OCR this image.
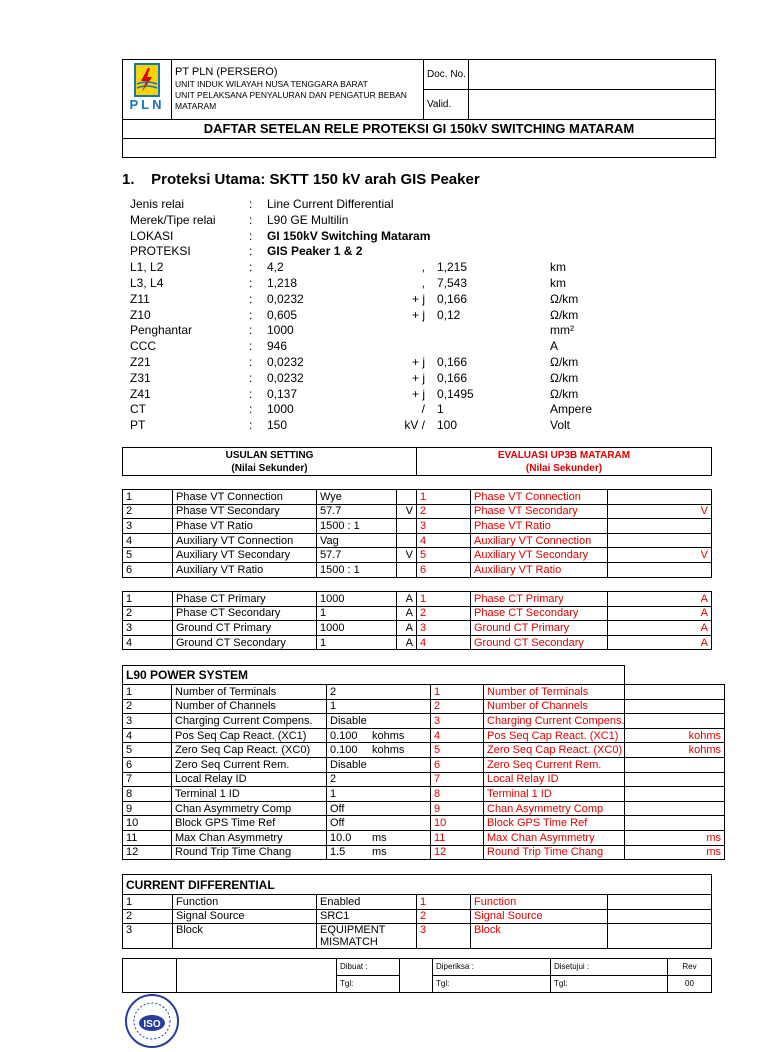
PLN	PT PLN (PERSERO)
UNIT INDUK WILAYAH NUSA TENGGARA BARAT
UNIT PELAKSANA PENYALURAN DAN PENGATUR BEBAN
MATARAM	Doc. No.	
		Valid.	
DAFTAR SETELAN RELE PROTEKSI GI 150kV SWITCHING MATARAM			

1.    Proteksi Utama: SKTT 150 kV arah GIS Peaker
Jenis relai	: Line Current Differential
Merek/Tipe relai	: L90 GE Multilin
LOKASI	: GI 150kV Switching Mataram
PROTEKSI	: GIS Peaker 1 & 2
L1, L2	: 4,2	, 1,215	km
L3, L4	: 1,218	, 7,543	km
Z11	: 0,0232	+ j 0,166	Ω/km
Z10	: 0,605	+ j 0,12	Ω/km
Penghantar	: 1000	mm²
CCC	: 946	A
Z21	: 0,0232	+ j 0,166	Ω/km
Z31	: 0,0232	+ j 0,166	Ω/km
Z41	: 0,137	+ j 0,1495	Ω/km
CT	: 1000	/ 1	Ampere
PT	: 150	kV / 100	Volt
USULAN SETTING
(Nilai Sekunder)

EVALUASI UP3B MATARAM
(Nilai Sekunder)
1	Phase VT Connection	Wye		1	Phase VT Connection	
2	Phase VT Secondary	57.7	V	2	Phase VT Secondary	V
3	Phase VT Ratio	1500 : 1		3	Phase VT Ratio	
4	Auxiliary VT Connection	Vag		4	Auxiliary VT Connection	
5	Auxiliary VT Secondary	57.7	V	5	Auxiliary VT Secondary	V
6	Auxiliary VT Ratio	1500 : 1		6	Auxiliary VT Ratio	
1	Phase CT Primary	1000	A	1	Phase CT Primary	A
2	Phase CT Secondary	1	A	2	Phase CT Secondary	A
3	Ground CT Primary	1000	A	3	Ground CT Primary	A
4	Ground CT Secondary	1	A	4	Ground CT Secondary	A
L90 POWER SYSTEM					
1	Number of Terminals	2	1	Number of Terminals	
2	Number of Channels	1	2	Number of Channels	
3	Charging Current Compens.	Disable	3	Charging Current Compens.	
4	Pos Seq Cap React. (XC1)	0.100 kohms	4	Pos Seq Cap React. (XC1)	kohms
5	Zero Seq Cap React. (XC0)	0.100 kohms	5	Zero Seq Cap React. (XC0)	kohms
6	Zero Seq Current Rem.	Disable	6	Zero Seq Current Rem.	
7	Local Relay ID	2	7	Local Relay ID	
8	Terminal 1 ID	1	8	Terminal 1 ID	
9	Chan Asymmetry Comp	Off	9	Chan Asymmetry Comp	
10	Block GPS Time Ref	Off	10	Block GPS Time Ref	
11	Max Chan Asymmetry	10.0 ms	11	Max Chan Asymmetry	ms
12	Round Trip Time Chang	1.5 ms	12	Round Trip Time Chang	ms
CURRENT DIFFERENTIAL					
1	Function	Enabled	1	Function	
2	Signal Source	SRC1	2	Signal Source	
3	Block	EQUIPMENT
MISMATCH	3	Block	
		Dibuat :		Diperiksa :	Disetujui :	Rev
		Tgl:		Tgl:	Tgl:	00
ISO
